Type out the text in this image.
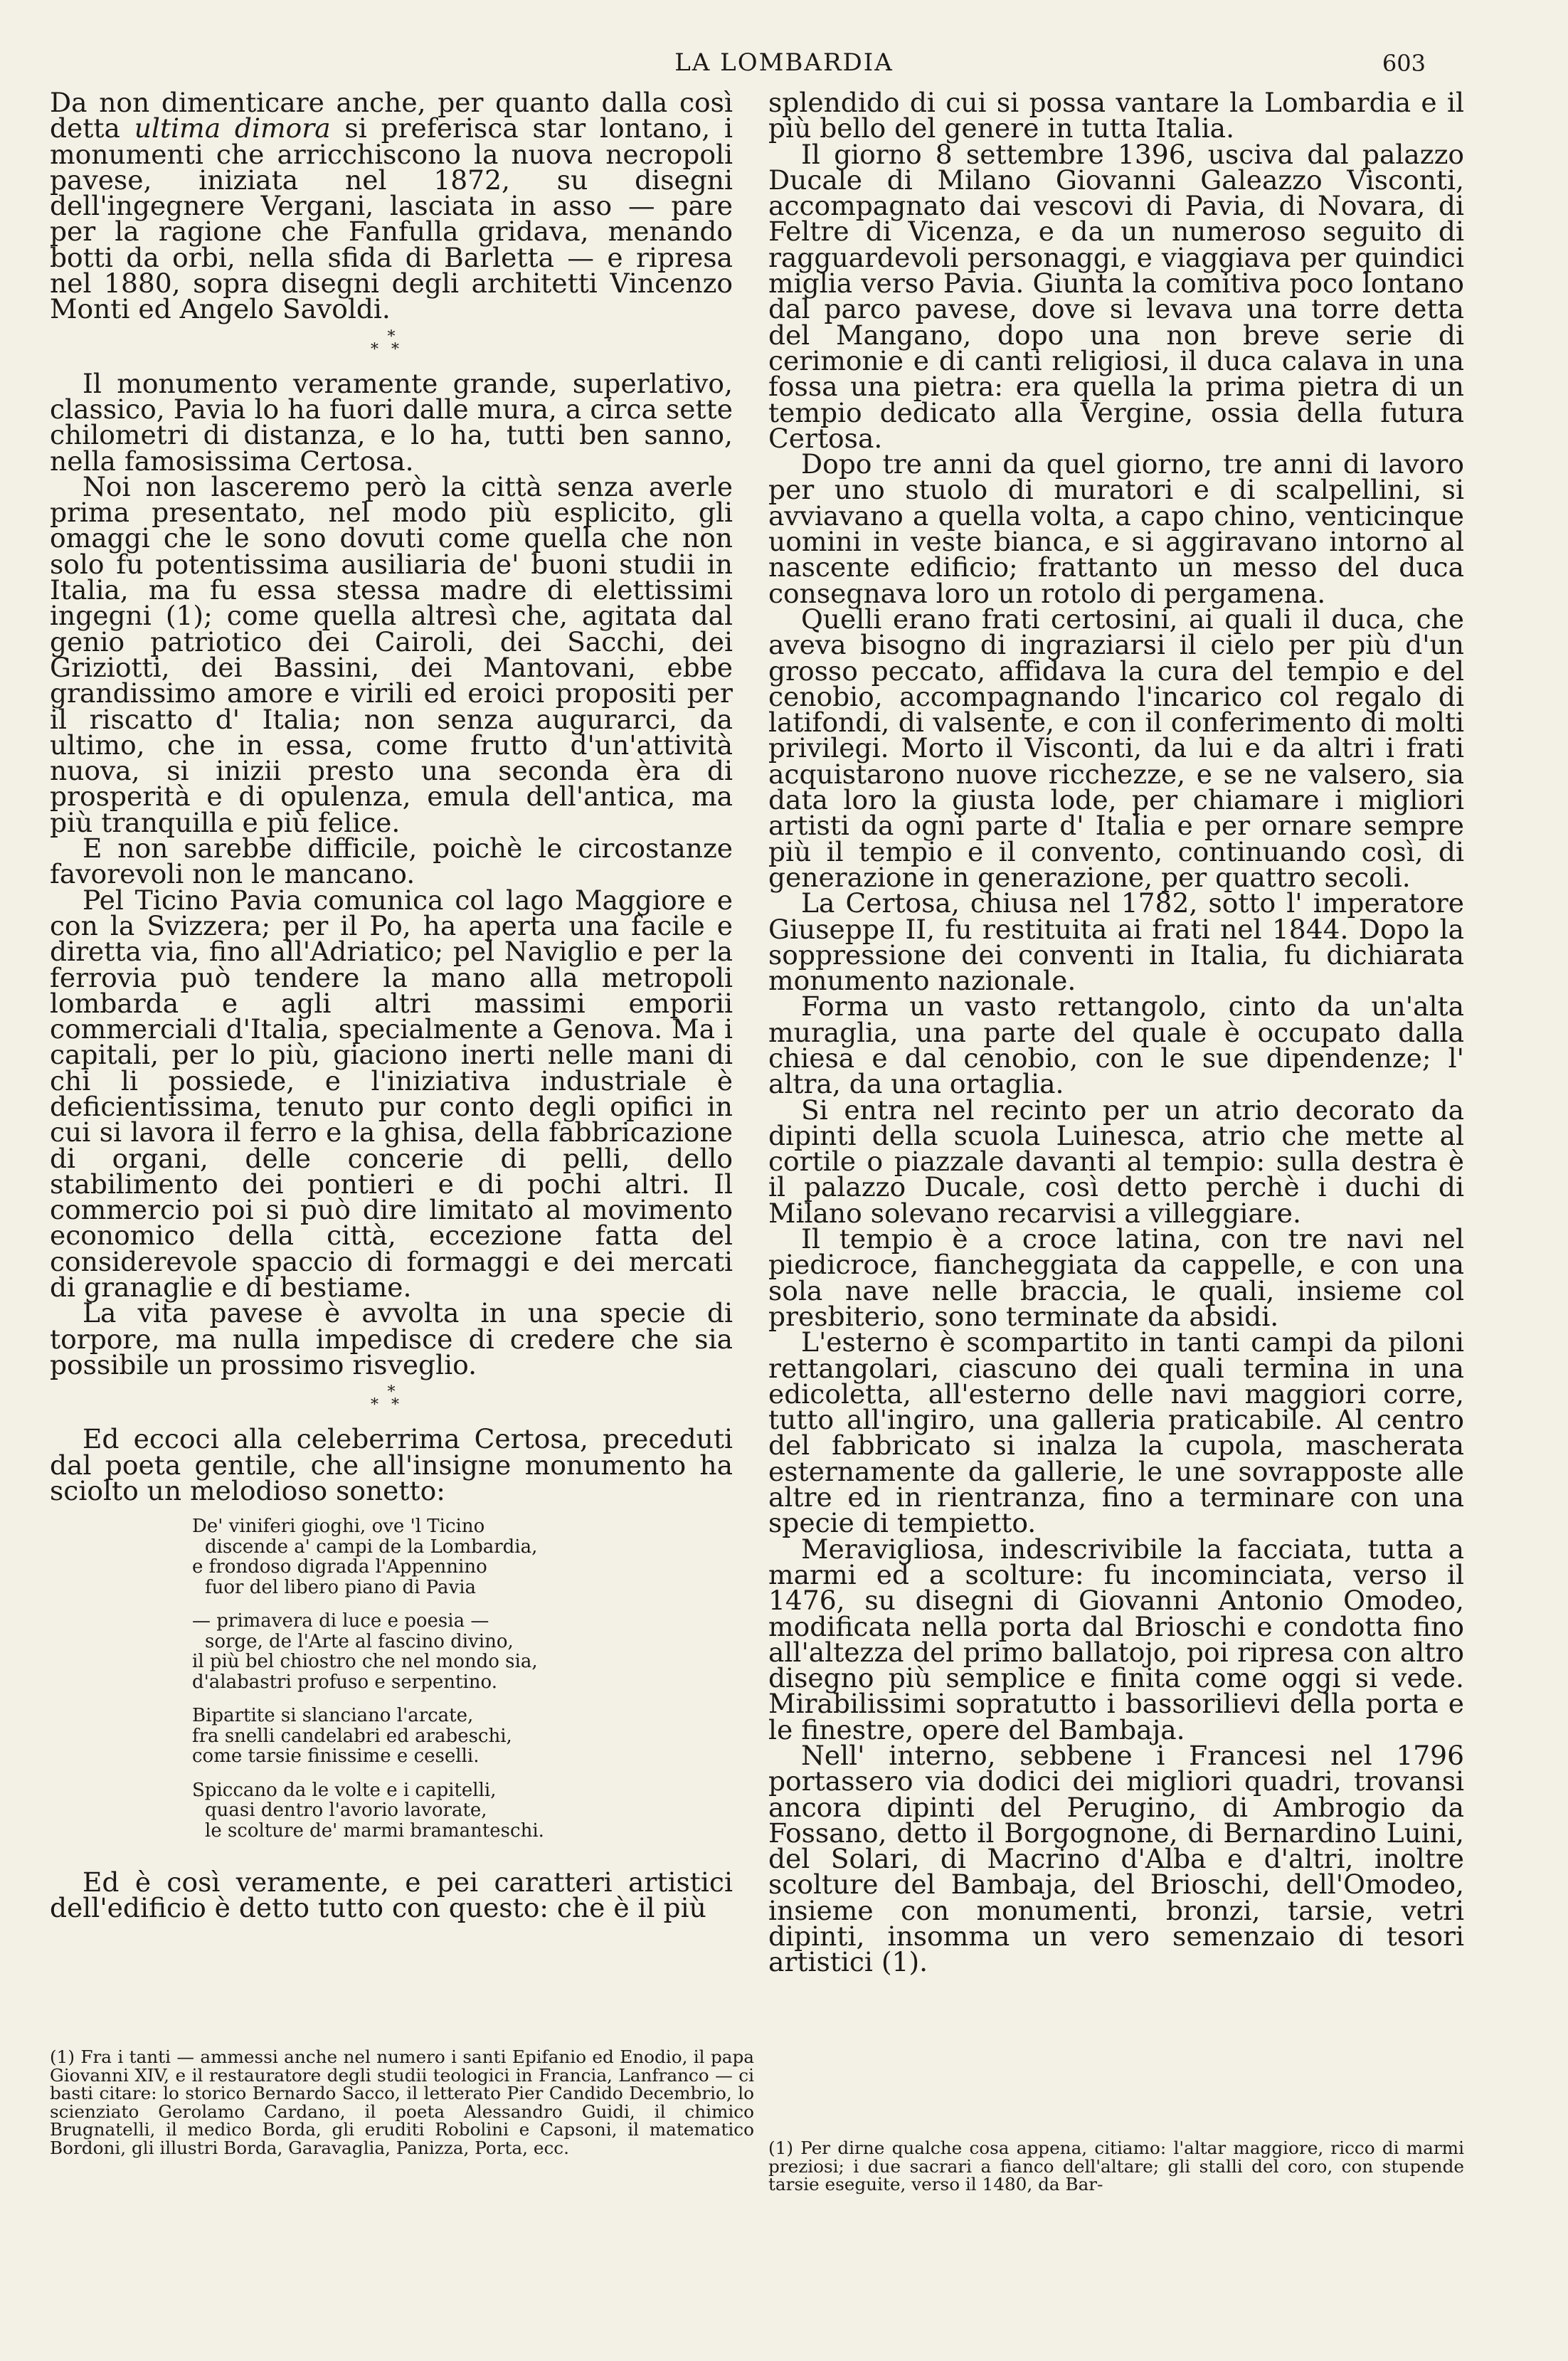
LA LOMBARDIA	603

Da non dimenticare anche, per quanto dalla così detta ultima dimora si preferisca star lontano, i monumenti che arricchiscono la nuova necropoli pavese, iniziata nel 1872, su disegni dell'ingegnere Vergani, lasciata in asso — pare per la ragione che Fanfulla gridava, menando botti da orbi, nella sfida di Barletta — e ripresa nel 1880, sopra disegni degli architetti Vincenzo Monti ed Angelo Savoldi.

*
**

Il monumento veramente grande, superlativo, classico, Pavia lo ha fuori dalle mura, a circa sette chilometri di distanza, e lo ha, tutti ben sanno, nella famosissima Certosa.

Noi non lasceremo però la città senza averle prima presentato, nel modo più esplicito, gli omaggi che le sono dovuti come quella che non solo fu potentissima ausiliaria de' buoni studii in Italia, ma fu essa stessa madre di elettissimi ingegni (1); come quella altresì che, agitata dal genio patriotico dei Cairoli, dei Sacchi, dei Griziotti, dei Bassini, dei Mantovani, ebbe grandissimo amore e virili ed eroici propositi per il riscatto d' Italia; non senza augurarci, da ultimo, che in essa, come frutto d'un'attività nuova, si inizii presto una seconda èra di prosperità e di opulenza, emula dell'antica, ma più tranquilla e più felice.

E non sarebbe difficile, poichè le circostanze favorevoli non le mancano.

Pel Ticino Pavia comunica col lago Maggiore e con la Svizzera; per il Po, ha aperta una facile e diretta via, fino all'Adriatico; pel Naviglio e per la ferrovia può tendere la mano alla metropoli lombarda e agli altri massimi emporii commerciali d'Italia, specialmente a Genova. Ma i capitali, per lo più, giaciono inerti nelle mani di chi li possiede, e l'iniziativa industriale è deficientissima, tenuto pur conto degli opifici in cui si lavora il ferro e la ghisa, della fabbricazione di organi, delle concerie di pelli, dello stabilimento dei pontieri e di pochi altri. Il commercio poi si può dire limitato al movimento economico della città, eccezione fatta del considerevole spaccio di formaggi e dei mercati di granaglie e di bestiame.

La vita pavese è avvolta in una specie di torpore, ma nulla impedisce di credere che sia possibile un prossimo risveglio.

*
**

Ed eccoci alla celeberrima Certosa, preceduti dal poeta gentile, che all'insigne monumento ha sciolto un melodioso sonetto:

De' viniferi gioghi, ove 'l Ticino
discende a' campi de la Lombardia,
e frondoso digrada l'Appennino
fuor del libero piano di Pavia
— primavera di luce e poesia —
sorge, de l'Arte al fascino divino,
il più bel chiostro che nel mondo sia,
d'alabastri profuso e serpentino.
Bipartite si slanciano l'arcate,
fra snelli candelabri ed arabeschi,
come tarsie finissime e ceselli.
Spiccano da le volte e i capitelli,
quasi dentro l'avorio lavorate,
le scolture de' marmi bramanteschi.

Ed è così veramente, e pei caratteri artistici dell'edificio è detto tutto con questo: che è il più

splendido di cui si possa vantare la Lombardia e il più bello del genere in tutta Italia.

Il giorno 8 settembre 1396, usciva dal palazzo Ducale di Milano Giovanni Galeazzo Visconti, accompagnato dai vescovi di Pavia, di Novara, di Feltre di Vicenza, e da un numeroso seguito di ragguardevoli personaggi, e viaggiava per quindici miglia verso Pavia. Giunta la comitiva poco lontano dal parco pavese, dove si levava una torre detta del Mangano, dopo una non breve serie di cerimonie e di canti religiosi, il duca calava in una fossa una pietra: era quella la prima pietra di un tempio dedicato alla Vergine, ossia della futura Certosa.

Dopo tre anni da quel giorno, tre anni di lavoro per uno stuolo di muratori e di scalpellini, si avviavano a quella volta, a capo chino, venticinque uomini in veste bianca, e si aggiravano intorno al nascente edificio; frattanto un messo del duca consegnava loro un rotolo di pergamena.

Quelli erano frati certosini, ai quali il duca, che aveva bisogno di ingraziarsi il cielo per più d'un grosso peccato, affidava la cura del tempio e del cenobio, accompagnando l'incarico col regalo di latifondi, di valsente, e con il conferimento di molti privilegi. Morto il Visconti, da lui e da altri i frati acquistarono nuove ricchezze, e se ne valsero, sia data loro la giusta lode, per chiamare i migliori artisti da ogni parte d' Italia e per ornare sempre più il tempio e il convento, continuando così, di generazione in generazione, per quattro secoli.

La Certosa, chiusa nel 1782, sotto l' imperatore Giuseppe II, fu restituita ai frati nel 1844. Dopo la soppressione dei conventi in Italia, fu dichiarata monumento nazionale.

Forma un vasto rettangolo, cinto da un'alta muraglia, una parte del quale è occupato dalla chiesa e dal cenobio, con le sue dipendenze; l' altra, da una ortaglia.

Si entra nel recinto per un atrio decorato da dipinti della scuola Luinesca, atrio che mette al cortile o piazzale davanti al tempio: sulla destra è il palazzo Ducale, così detto perchè i duchi di Milano solevano recarvisi a villeggiare.

Il tempio è a croce latina, con tre navi nel piedicroce, fiancheggiata da cappelle, e con una sola nave nelle braccia, le quali, insieme col presbiterio, sono terminate da absidi.

L'esterno è scompartito in tanti campi da piloni rettangolari, ciascuno dei quali termina in una edicoletta, all'esterno delle navi maggiori corre, tutto all'ingiro, una galleria praticabile. Al centro del fabbricato si inalza la cupola, mascherata esternamente da gallerie, le une sovrapposte alle altre ed in rientranza, fino a terminare con una specie di tempietto.

Meravigliosa, indescrivibile la facciata, tutta a marmi ed a scolture: fu incominciata, verso il 1476, su disegni di Giovanni Antonio Omodeo, modificata nella porta dal Brioschi e condotta fino all'altezza del primo ballatojo, poi ripresa con altro disegno più semplice e finita come oggi si vede. Mirabilissimi sopratutto i bassorilievi della porta e le finestre, opere del Bambaja.

Nell' interno, sebbene i Francesi nel 1796 portassero via dodici dei migliori quadri, trovansi ancora dipinti del Perugino, di Ambrogio da Fossano, detto il Borgognone, di Bernardino Luini, del Solari, di Macrino d'Alba e d'altri, inoltre scolture del Bambaja, del Brioschi, dell'Omodeo, insieme con monumenti, bronzi, tarsie, vetri dipinti, insomma un vero semenzaio di tesori artistici (1).

(1) Fra i tanti — ammessi anche nel numero i santi Epifanio ed Enodio, il papa Giovanni XIV, e il restauratore degli studii teologici in Francia, Lanfranco — ci basti citare: lo storico Bernardo Sacco, il letterato Pier Candido Decembrio, lo scienziato Gerolamo Cardano, il poeta Alessandro Guidi, il chimico Brugnatelli, il medico Borda, gli eruditi Robolini e Capsoni, il matematico Bordoni, gli illustri Borda, Garavaglia, Panizza, Porta, ecc.	(1) Per dirne qualche cosa appena, citiamo: l'altar maggiore, ricco di marmi preziosi; i due sacrari a fianco dell'altare; gli stalli del coro, con stupende tarsie eseguite, verso il 1480, da Bar-
